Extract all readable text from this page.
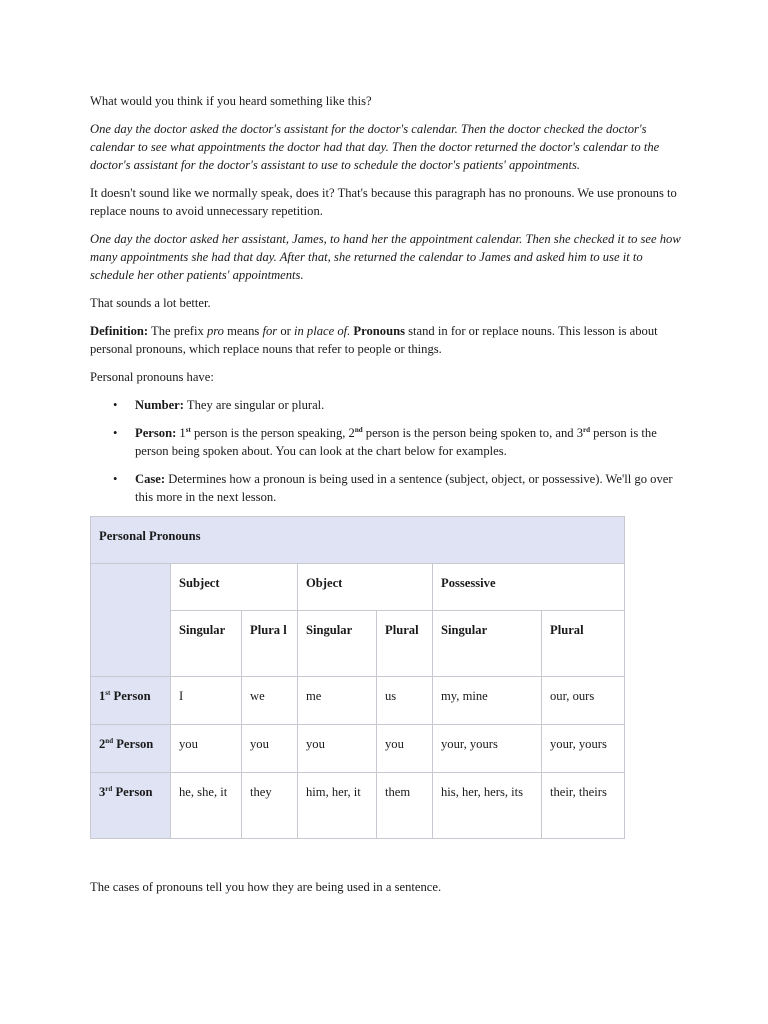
What would you think if you heard something like this?

One day the doctor asked the doctor's assistant for the doctor's calendar. Then the doctor checked the doctor's calendar to see what appointments the doctor had that day. Then the doctor returned the doctor's calendar to the doctor's assistant for the doctor's assistant to use to schedule the doctor's patients' appointments.

It doesn't sound like we normally speak, does it? That's because this paragraph has no pronouns. We use pronouns to replace nouns to avoid unnecessary repetition.

One day the doctor asked her assistant, James, to hand her the appointment calendar. Then she checked it to see how many appointments she had that day. After that, she returned the calendar to James and asked him to use it to schedule her other patients' appointments.

That sounds a lot better.

Definition: The prefix pro means for or in place of. Pronouns stand in for or replace nouns. This lesson is about personal pronouns, which replace nouns that refer to people or things.

Personal pronouns have:

• Number: They are singular or plural.
• Person: 1st person is the person speaking, 2nd person is the person being spoken to, and 3rd person is the person being spoken about. You can look at the chart below for examples.
• Case: Determines how a pronoun is being used in a sentence (subject, object, or possessive). We'll go over this more in the next lesson.
Personal Pronouns						
	Subject		Object		Possessive	
	Singular	Plura l	Singular	Plural	Singular	Plural
1st Person	I	we	me	us	my, mine	our, ours
2nd Person	you	you	you	you	your, yours	your, yours
3rd Person	he, she, it	they	him, her, it	them	his, her, hers, its	their, theirs

The cases of pronouns tell you how they are being used in a sentence.
